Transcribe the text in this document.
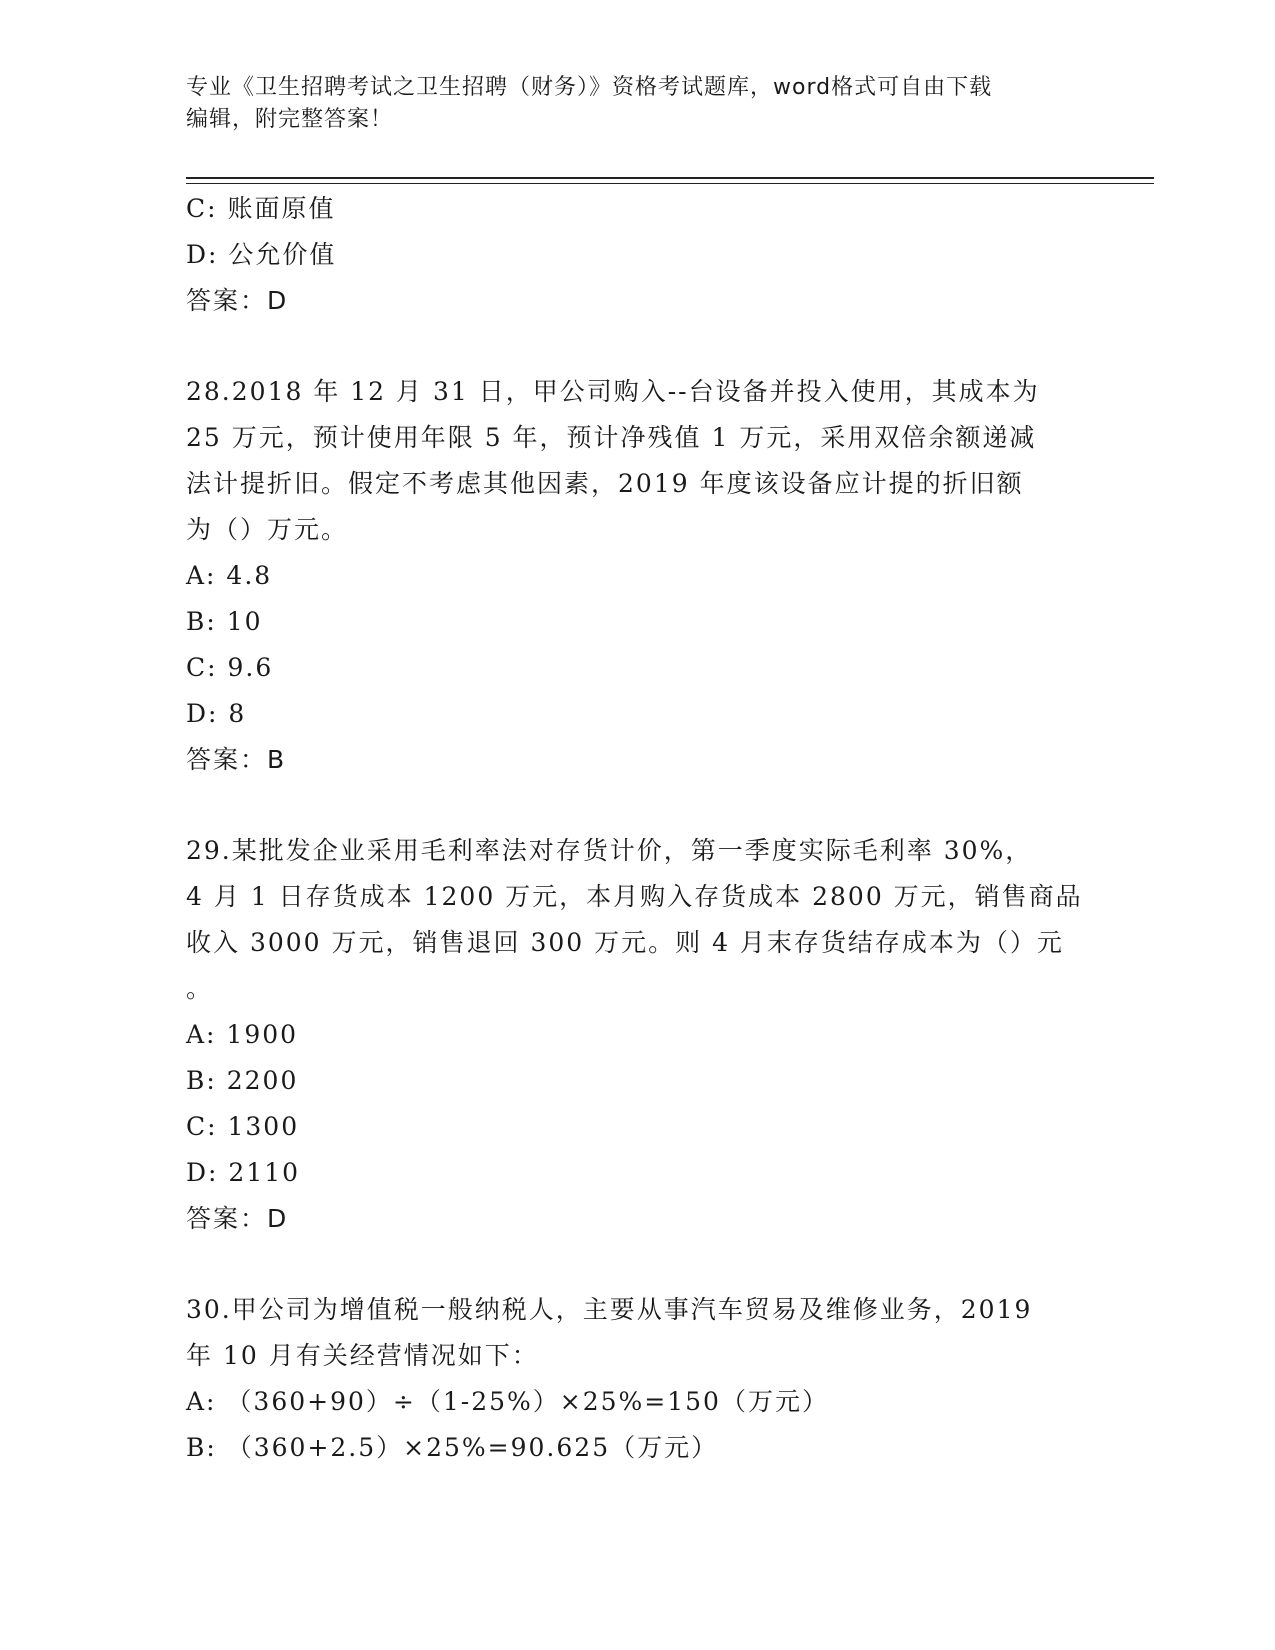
专业《卫生招聘考试之卫生招聘（财务）》资格考试题库，word格式可自由下载
编辑，附完整答案！
C: 账面原值
D: 公允价值
答案：D
28.2018 年 12 月 31 日，甲公司购入--台设备并投入使用，其成本为
25 万元，预计使用年限 5 年，预计净残值 1 万元，采用双倍余额递减
法计提折旧。假定不考虑其他因素，2019 年度该设备应计提的折旧额
为（）万元。
A: 4.8
B: 10
C: 9.6
D: 8
答案：B
29.某批发企业采用毛利率法对存货计价，第一季度实际毛利率 30%，
4 月 1 日存货成本 1200 万元，本月购入存货成本 2800 万元，销售商品
收入 3000 万元，销售退回 300 万元。则 4 月末存货结存成本为（）元
。
A: 1900
B: 2200
C: 1300
D: 2110
答案：D
30.甲公司为增值税一般纳税人，主要从事汽车贸易及维修业务，2019
年 10 月有关经营情况如下：
A: （360+90）÷（1-25%）×25%=150（万元）
B: （360+2.5）×25%=90.625（万元）
